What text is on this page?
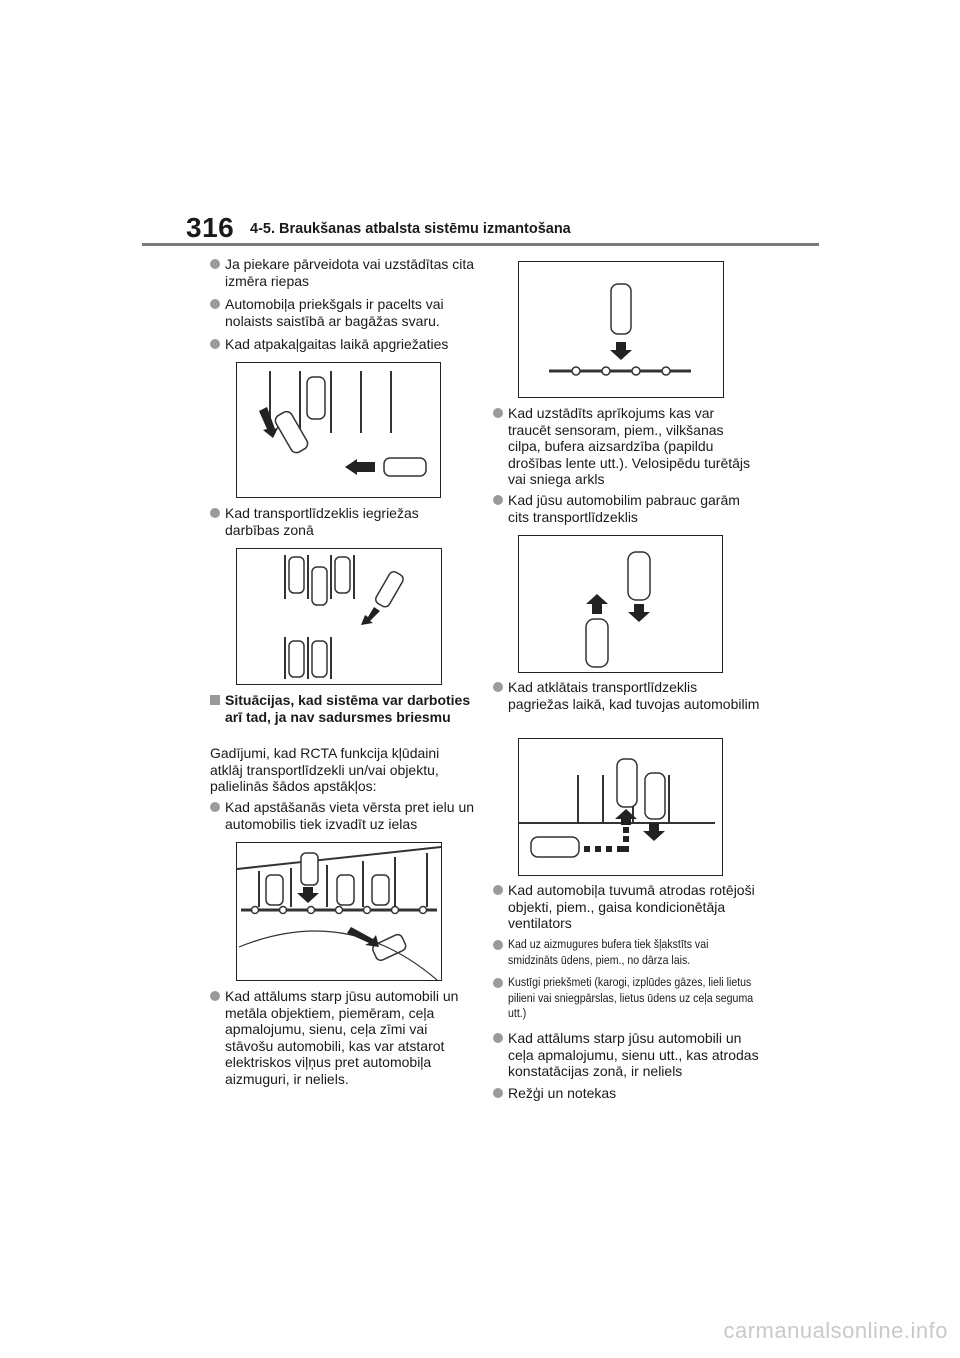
316 4-5. Braukšanas atbalsta sistēmu izmantošana
Ja piekare pārveidota vai uzstādītas cita izmēra riepas
Automobiļa priekšgals ir pacelts vai nolaists saistībā ar bagāžas svaru.
Kad atpakaļgaitas laikā apgriežaties
Kad transportlīdzeklis iegriežas darbības zonā
Situācijas, kad sistēma var darboties arī tad, ja nav sadursmes briesmu
Gadījumi, kad RCTA funkcija kļūdaini atklāj transportlīdzekli un/vai objektu, palielinās šādos apstākļos:
Kad apstāšanās vieta vērsta pret ielu un automobilis tiek izvadīt uz ielas
Kad attālums starp jūsu automobili un metāla objektiem, piemēram, ceļa apmalojumu, sienu, ceļa zīmi vai stāvošu automobili, kas var atstarot elektriskos viļņus pret automobiļa aizmuguri, ir neliels.
Kad uzstādīts aprīkojums kas var traucēt sensoram, piem., vilkšanas cilpa, bufera aizsardzība (papildu drošības lente utt.). Velosipēdu turētājs vai sniega arkls
Kad jūsu automobilim pabrauc garām cits transportlīdzeklis
Kad atklātais transportlīdzeklis pagriežas laikā, kad tuvojas automobilim
Kad automobiļa tuvumā atrodas rotējoši objekti, piem., gaisa kondicionētāja ventilators
Kad uz aizmugures bufera tiek šļakstīts vai smidzināts ūdens, piem., no dārza lais.
Kustīgi priekšmeti (karogi, izplūdes gāzes, lieli lietus pilieni vai sniegpārslas, lietus ūdens uz ceļa seguma utt.)
Kad attālums starp jūsu automobili un ceļa apmalojumu, sienu utt., kas atrodas konstatācijas zonā, ir neliels
Režģi un notekas
carmanualsonline.info
